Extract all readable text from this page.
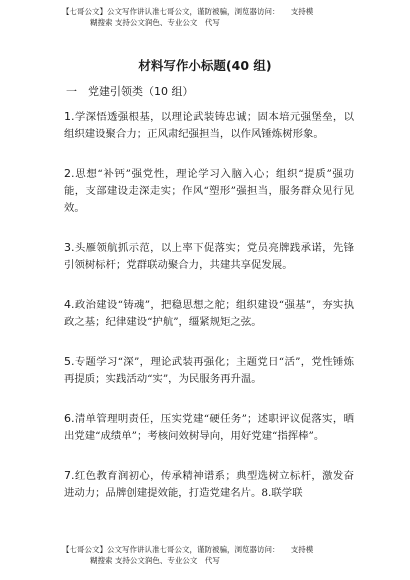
【七哥公文】公文写作讲认准七哥公文，谨防被骗，浏览器访问：　　支持模
糊搜索 支持公文润色、专业公文　代写
材料写作小标题(40 组)
一　党建引领类（10 组）
1.学深悟透强根基，以理论武装铸忠诚；固本培元强堡垒，以组织建设聚合力；正风肃纪强担当，以作风锤炼树形象。
2.思想“补钙”强党性，理论学习入脑入心；组织“提质”强功能，支部建设走深走实；作风“塑形”强担当，服务群众见行见效。
3.头雁领航抓示范，以上率下促落实；党员亮牌践承诺，先锋引领树标杆；党群联动聚合力，共建共享促发展。
4.政治建设“铸魂”，把稳思想之舵；组织建设“强基”，夯实执政之基；纪律建设“护航”，缰紧规矩之弦。
5.专题学习“深”，理论武装再强化；主题党日“活”，党性锤炼再提质；实践活动“实”，为民服务再升温。
6.清单管理明责任，压实党建“硬任务”；述职评议促落实，晒出党建“成绩单”；考核问效树导向，用好党建“指挥棒”。
7.红色教育润初心，传承精神谱系；典型选树立标杆，激发奋进动力；品牌创建提效能，打造党建名片。8.联学联
【七哥公文】公文写作讲认准七哥公文，谨防被骗，浏览器访问：　　支持模
糊搜索 支持公文润色、专业公文　代写
